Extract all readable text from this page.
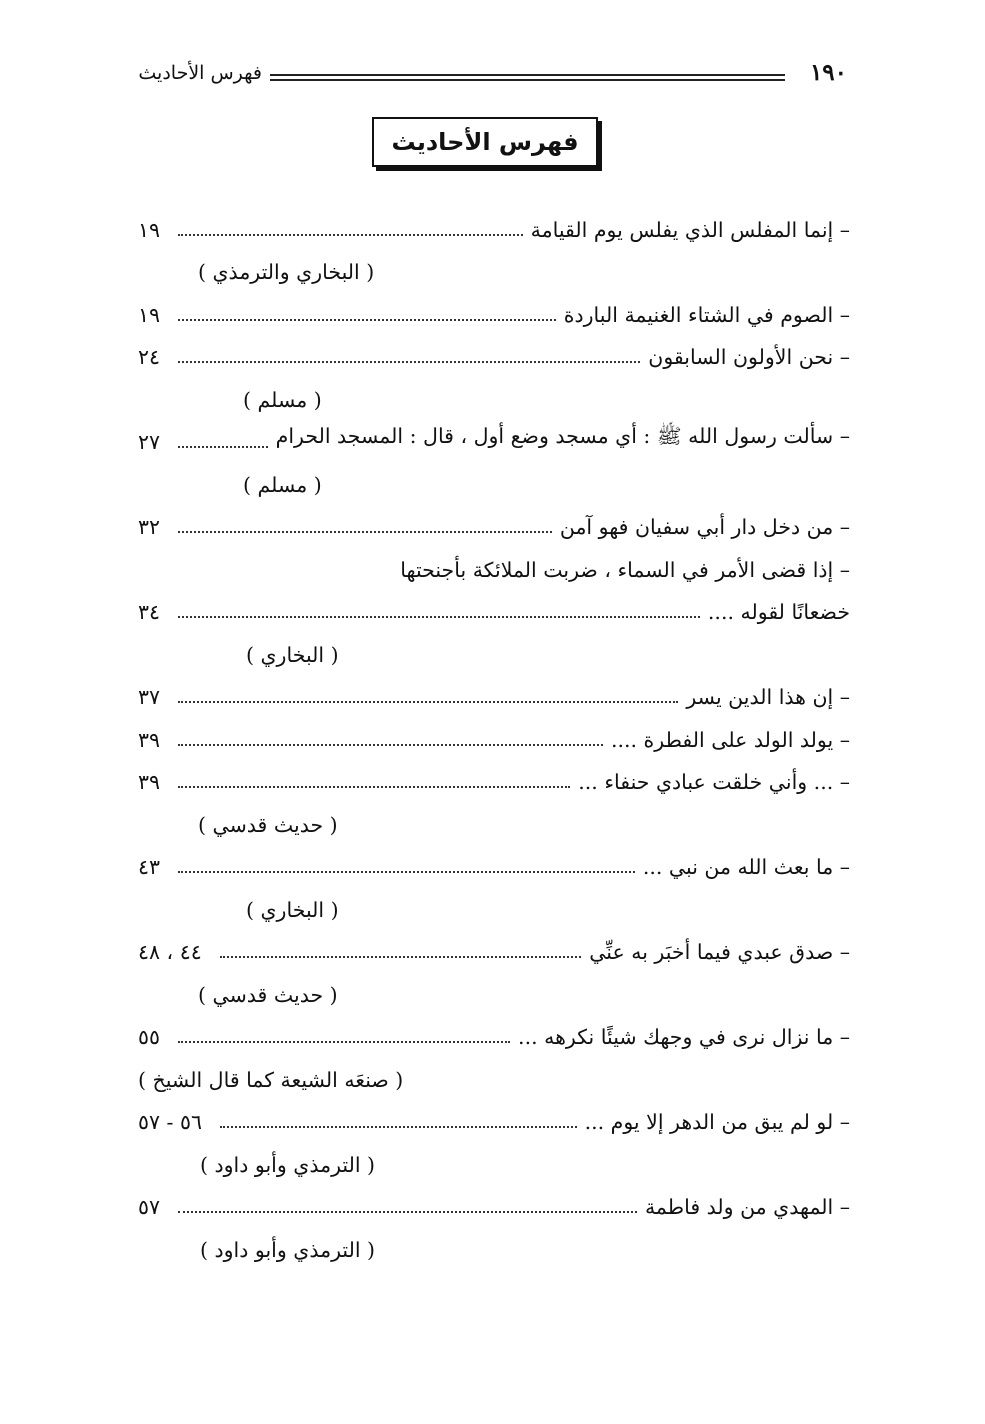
فهرس الأحاديث	١٩٠
فهرس الأحاديث
– إنما المفلس الذي يفلس يوم القيامة
١٩
( البخاري والترمذي )
– الصوم في الشتاء الغنيمة الباردة
١٩
– نحن الأولون السابقون
٢٤
( مسلم )
– سألت رسول الله ﷺ : أي مسجد وضع أول ، قال : المسجد الحرام
٢٧
( مسلم )
– من دخل دار أبي سفيان فهو آمن
٣٢
– إذا قضى الأمر في السماء ، ضربت الملائكة بأجنحتها
خضعانًا لقوله ....
٣٤
( البخاري )
– إن هذا الدين يسر
٣٧
– يولد الولد على الفطرة ....
٣٩
– ... وأني خلقت عبادي حنفاء ...
٣٩
( حديث قدسي )
– ما بعث الله من نبي ...
٤٣
( البخاري )
– صدق عبدي فيما أخبَر به عنِّي
٤٤ ، ٤٨
( حديث قدسي )
– ما نزال نرى في وجهك شيئًا نكرهه ...
٥٥
( صنعَه الشيعة كما قال الشيخ )
– لو لم يبق من الدهر إلا يوم ...
٥٦ - ٥٧
( الترمذي وأبو داود )
– المهدي من ولد فاطمة
٥٧
( الترمذي وأبو داود )
